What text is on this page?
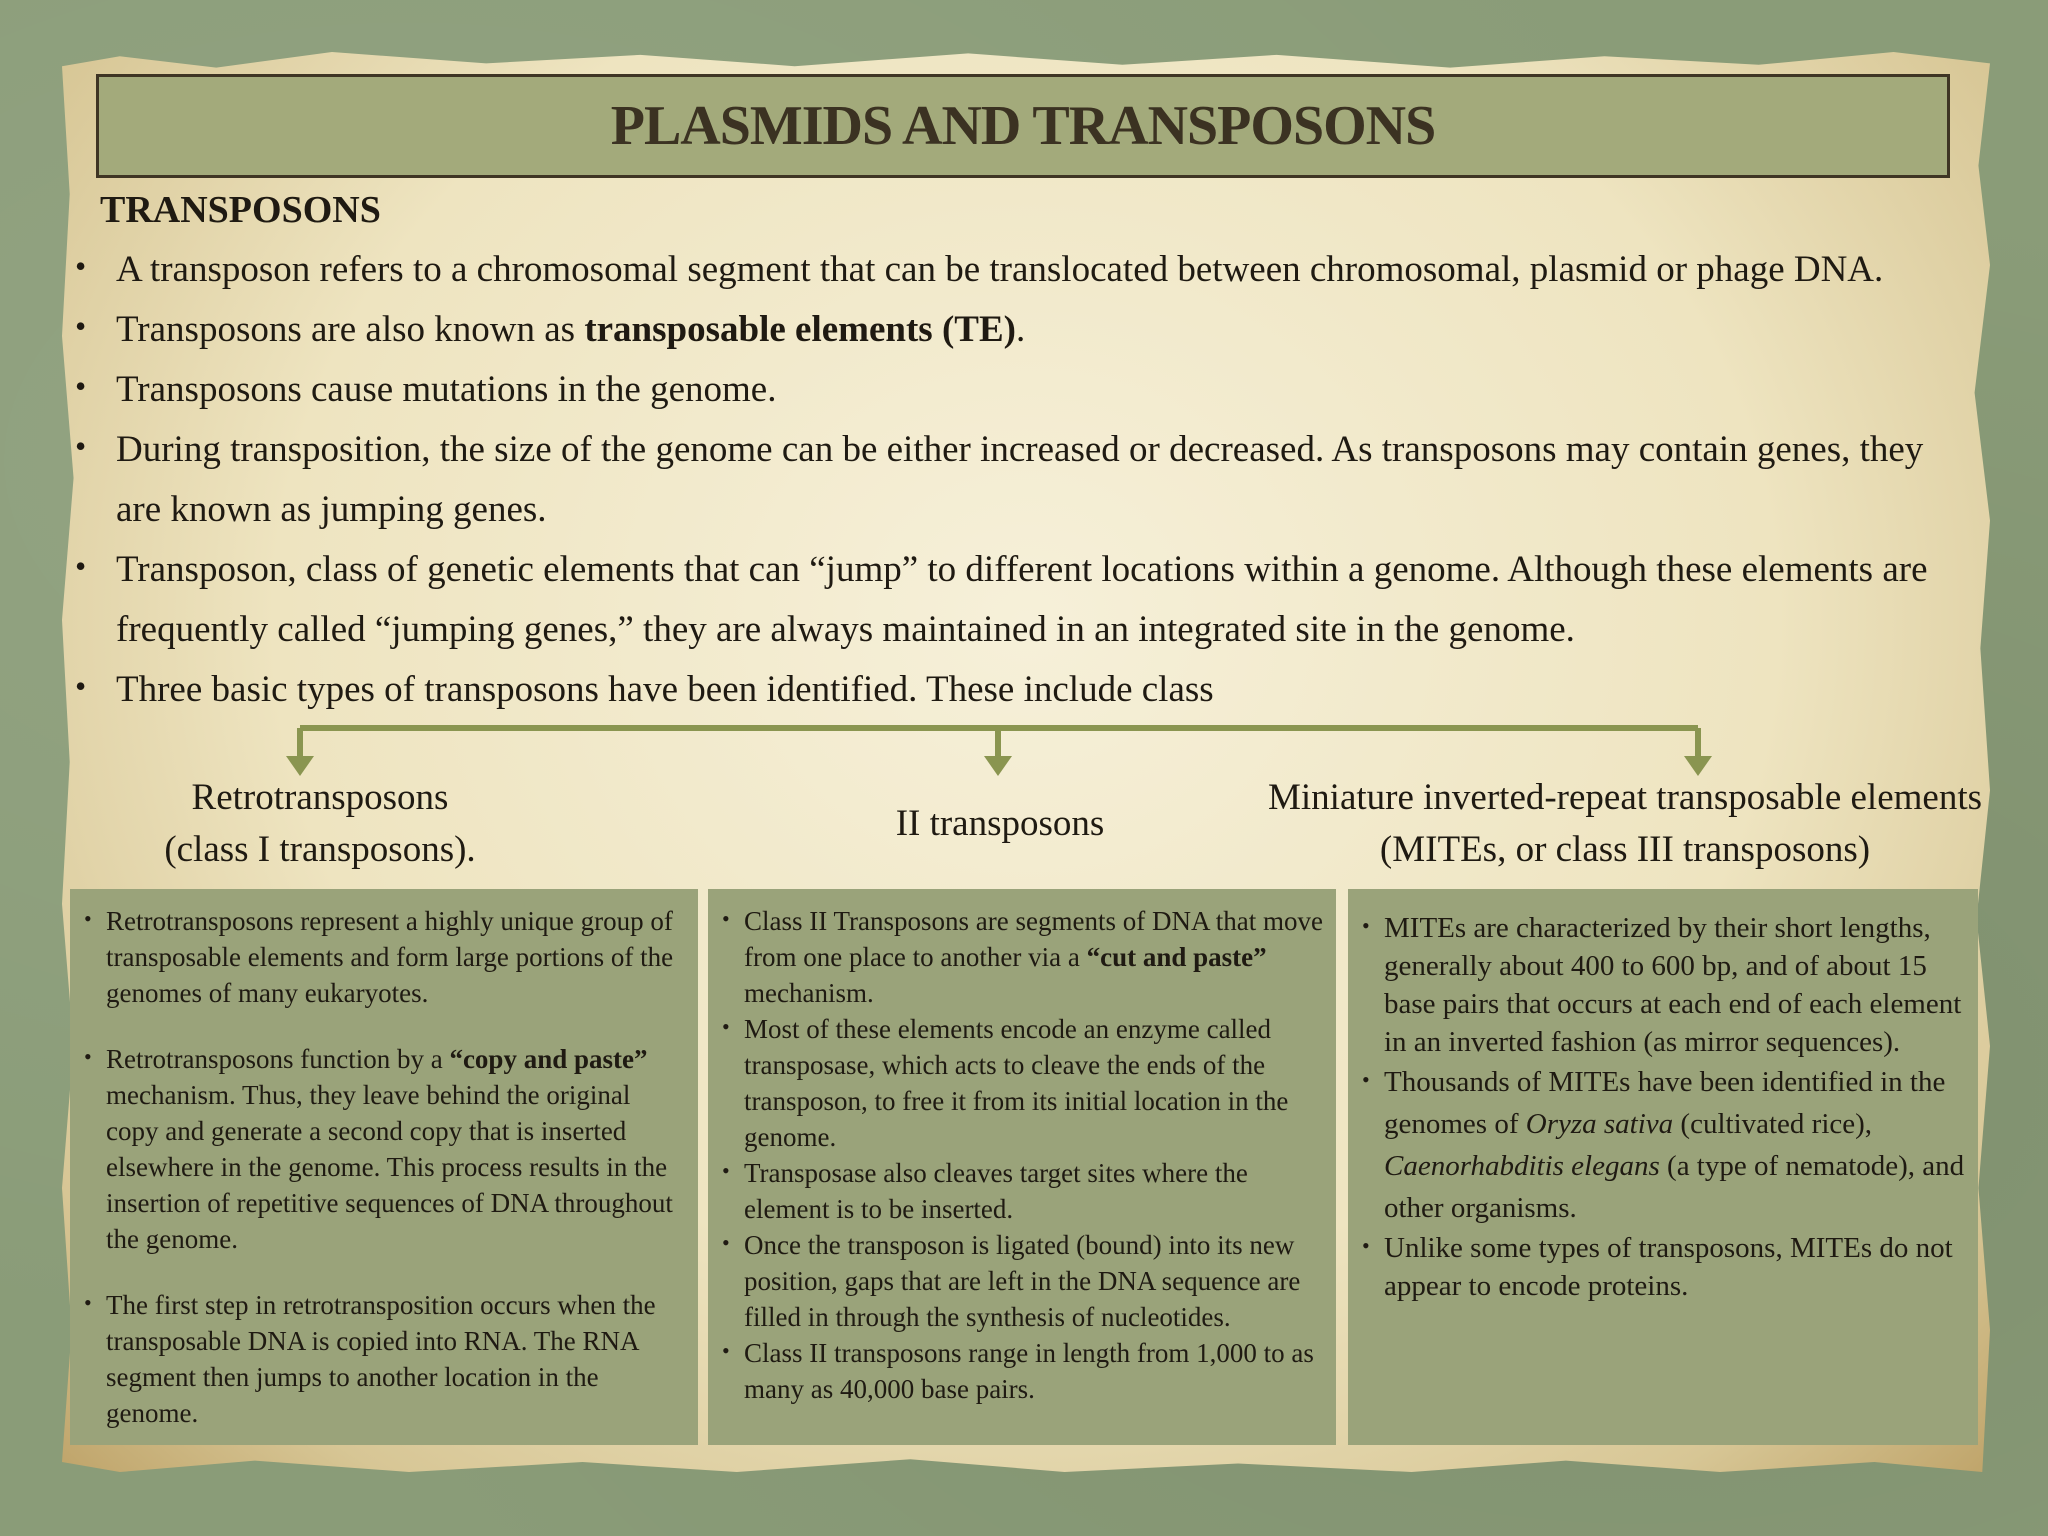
PLASMIDS AND TRANSPOSONS
TRANSPOSONS
• A transposon refers to a chromosomal segment that can be translocated between chromosomal, plasmid or phage DNA.
• Transposons are also known as transposable elements (TE).
• Transposons cause mutations in the genome.
• During transposition, the size of the genome can be either increased or decreased. As transposons may contain genes, they are known as jumping genes.
• Transposon, class of genetic elements that can “jump” to different locations within a genome. Although these elements are frequently called “jumping genes,” they are always maintained in an integrated site in the genome.
• Three basic types of transposons have been identified. These include class
Retrotransposons
(class I transposons).
II transposons
Miniature inverted-repeat transposable elements
(MITEs, or class III transposons)
• Retrotransposons represent a highly unique group of transposable elements and form large portions of the genomes of many eukaryotes.
• Retrotransposons function by a “copy and paste” mechanism. Thus, they leave behind the original copy and generate a second copy that is inserted elsewhere in the genome. This process results in the insertion of repetitive sequences of DNA throughout the genome.
• The first step in retrotransposition occurs when the transposable DNA is copied into RNA. The RNA segment then jumps to another location in the genome.
• Class II Transposons are segments of DNA that move from one place to another via a “cut and paste” mechanism.
• Most of these elements encode an enzyme called transposase, which acts to cleave the ends of the transposon, to free it from its initial location in the genome.
• Transposase also cleaves target sites where the element is to be inserted.
• Once the transposon is ligated (bound) into its new position, gaps that are left in the DNA sequence are filled in through the synthesis of nucleotides.
• Class II transposons range in length from 1,000 to as many as 40,000 base pairs.
• MITEs are characterized by their short lengths, generally about 400 to 600 bp, and of about 15 base pairs that occurs at each end of each element in an inverted fashion (as mirror sequences).
• Thousands of MITEs have been identified in the genomes of Oryza sativa (cultivated rice), Caenorhabditis elegans (a type of nematode), and other organisms.
• Unlike some types of transposons, MITEs do not appear to encode proteins.
